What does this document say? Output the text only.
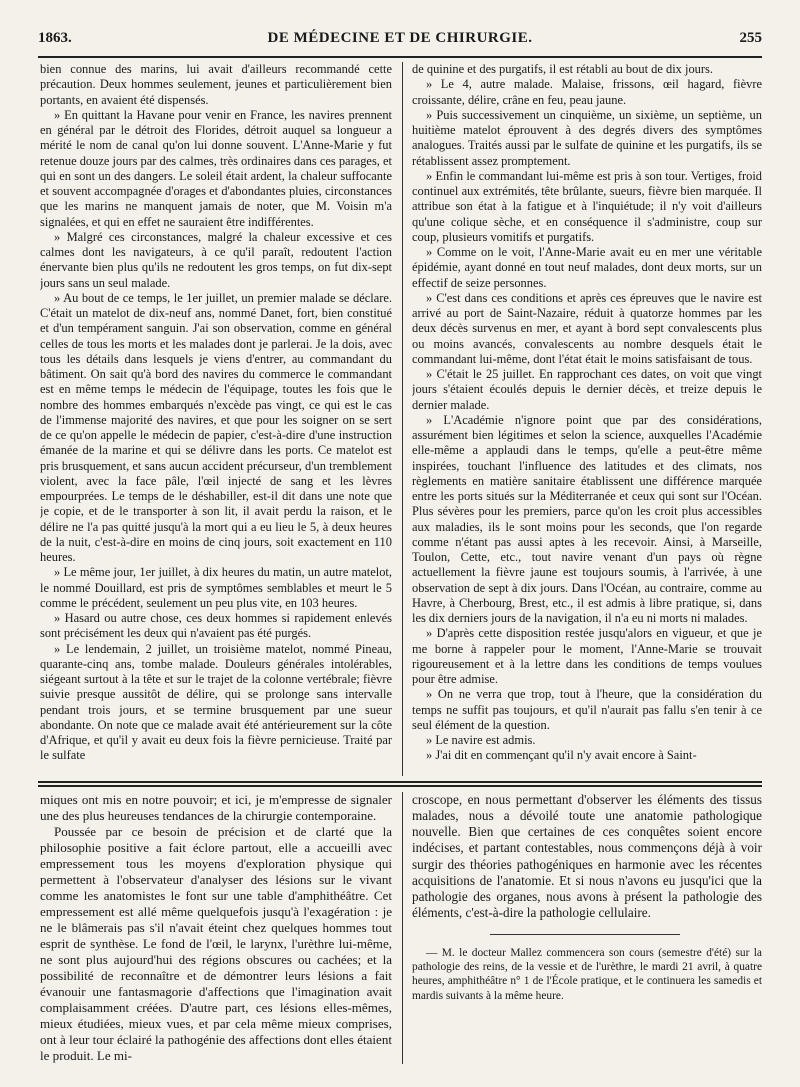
1863.	DE MÉDECINE ET DE CHIRURGIE.	255

bien connue des marins, lui avait d'ailleurs recommandé cette précaution. Deux hommes seulement, jeunes et particulièrement bien portants, en avaient été dispensés.

» En quittant la Havane pour venir en France, les navires prennent en général par le détroit des Florides, détroit auquel sa longueur a mérité le nom de canal qu'on lui donne souvent. L'Anne-Marie y fut retenue douze jours par des calmes, très ordinaires dans ces parages, et qui en sont un des dangers. Le soleil était ardent, la chaleur suffocante et souvent accompagnée d'orages et d'abondantes pluies, circonstances que les marins ne manquent jamais de noter, que M. Voisin m'a signalées, et qui en effet ne sauraient être indifférentes.

» Malgré ces circonstances, malgré la chaleur excessive et ces calmes dont les navigateurs, à ce qu'il paraît, redoutent l'action énervante bien plus qu'ils ne redoutent les gros temps, on fut dix-sept jours sans un seul malade.

» Au bout de ce temps, le 1er juillet, un premier malade se déclare. C'était un matelot de dix-neuf ans, nommé Danet, fort, bien constitué et d'un tempérament sanguin. J'ai son observation, comme en général celles de tous les morts et les malades dont je parlerai. Je la dois, avec tous les détails dans lesquels je viens d'entrer, au commandant du bâtiment. On sait qu'à bord des navires du commerce le commandant est en même temps le médecin de l'équipage, toutes les fois que le nombre des hommes embarqués n'excède pas vingt, ce qui est le cas de l'immense majorité des navires, et que pour les soigner on se sert de ce qu'on appelle le médecin de papier, c'est-à-dire d'une instruction émanée de la marine et qui se délivre dans les ports. Ce matelot est pris brusquement, et sans aucun accident précurseur, d'un tremblement violent, avec la face pâle, l'œil injecté de sang et les lèvres empourprées. Le temps de le déshabiller, est-il dit dans une note que je copie, et de le transporter à son lit, il avait perdu la raison, et le délire ne l'a pas quitté jusqu'à la mort qui a eu lieu le 5, à deux heures de la nuit, c'est-à-dire en moins de cinq jours, soit exactement en 110 heures.

» Le même jour, 1er juillet, à dix heures du matin, un autre matelot, le nommé Douillard, est pris de symptômes semblables et meurt le 5 comme le précédent, seulement un peu plus vite, en 103 heures.

» Hasard ou autre chose, ces deux hommes si rapidement enlevés sont précisément les deux qui n'avaient pas été purgés.

» Le lendemain, 2 juillet, un troisième matelot, nommé Pineau, quarante-cinq ans, tombe malade. Douleurs générales intolérables, siégeant surtout à la tête et sur le trajet de la colonne vertébrale; fièvre suivie presque aussitôt de délire, qui se prolonge sans intervalle pendant trois jours, et se termine brusquement par une sueur abondante. On note que ce malade avait été antérieurement sur la côte d'Afrique, et qu'il y avait eu deux fois la fièvre pernicieuse. Traité par le sulfate

de quinine et des purgatifs, il est rétabli au bout de dix jours.

» Le 4, autre malade. Malaise, frissons, œil hagard, fièvre croissante, délire, crâne en feu, peau jaune.

» Puis successivement un cinquième, un sixième, un septième, un huitième matelot éprouvent à des degrés divers des symptômes analogues. Traités aussi par le sulfate de quinine et les purgatifs, ils se rétablissent assez promptement.

» Enfin le commandant lui-même est pris à son tour. Vertiges, froid continuel aux extrémités, tête brûlante, sueurs, fièvre bien marquée. Il attribue son état à la fatigue et à l'inquiétude; il n'y voit d'ailleurs qu'une colique sèche, et en conséquence il s'administre, coup sur coup, plusieurs vomitifs et purgatifs.

» Comme on le voit, l'Anne-Marie avait eu en mer une véritable épidémie, ayant donné en tout neuf malades, dont deux morts, sur un effectif de seize personnes.

» C'est dans ces conditions et après ces épreuves que le navire est arrivé au port de Saint-Nazaire, réduit à quatorze hommes par les deux décès survenus en mer, et ayant à bord sept convalescents plus ou moins avancés, convalescents au nombre desquels était le commandant lui-même, dont l'état était le moins satisfaisant de tous.

» C'était le 25 juillet. En rapprochant ces dates, on voit que vingt jours s'étaient écoulés depuis le dernier décès, et treize depuis le dernier malade.

» L'Académie n'ignore point que par des considérations, assurément bien légitimes et selon la science, auxquelles l'Académie elle-même a applaudi dans le temps, qu'elle a peut-être même inspirées, touchant l'influence des latitudes et des climats, nos règlements en matière sanitaire établissent une différence marquée entre les ports situés sur la Méditerranée et ceux qui sont sur l'Océan. Plus sévères pour les premiers, parce qu'on les croit plus accessibles aux maladies, ils le sont moins pour les seconds, que l'on regarde comme n'étant pas aussi aptes à les recevoir. Ainsi, à Marseille, Toulon, Cette, etc., tout navire venant d'un pays où règne actuellement la fièvre jaune est toujours soumis, à l'arrivée, à une observation de sept à dix jours. Dans l'Océan, au contraire, comme au Havre, à Cherbourg, Brest, etc., il est admis à libre pratique, si, dans les dix derniers jours de la navigation, il n'a eu ni morts ni malades.

» D'après cette disposition restée jusqu'alors en vigueur, et que je me borne à rappeler pour le moment, l'Anne-Marie se trouvait rigoureusement et à la lettre dans les conditions de temps voulues pour être admise.

» On ne verra que trop, tout à l'heure, que la considération du temps ne suffit pas toujours, et qu'il n'aurait pas fallu s'en tenir à ce seul élément de la question.

» Le navire est admis.

» J'ai dit en commençant qu'il n'y avait encore à Saint-

miques ont mis en notre pouvoir; et ici, je m'empresse de signaler une des plus heureuses tendances de la chirurgie contemporaine.

Poussée par ce besoin de précision et de clarté que la philosophie positive a fait éclore partout, elle a accueilli avec empressement tous les moyens d'exploration physique qui permettent à l'observateur d'analyser des lésions sur le vivant comme les anatomistes le font sur une table d'amphithéâtre. Cet empressement est allé même quelquefois jusqu'à l'exagération : je ne le blâmerais pas s'il n'avait éteint chez quelques hommes tout esprit de synthèse. Le fond de l'œil, le larynx, l'urèthre lui-même, ne sont plus aujourd'hui des régions obscures ou cachées; et la possibilité de reconnaître et de démontrer leurs lésions a fait évanouir une fantasmagorie d'affections que l'imagination avait complaisamment créées. D'autre part, ces lésions elles-mêmes, mieux étudiées, mieux vues, et par cela même mieux comprises, ont à leur tour éclairé la pathogénie des affections dont elles étaient le produit. Le mi-

croscope, en nous permettant d'observer les éléments des tissus malades, nous a dévoilé toute une anatomie pathologique nouvelle. Bien que certaines de ces conquêtes soient encore indécises, et partant contestables, nous commençons déjà à voir surgir des théories pathogéniques en harmonie avec les récentes acquisitions de l'anatomie. Et si nous n'avons eu jusqu'ici que la pathologie des organes, nous avons à présent la pathologie des éléments, c'est-à-dire la pathologie cellulaire.

— M. le docteur Mallez commencera son cours (semestre d'été) sur la pathologie des reins, de la vessie et de l'urèthre, le mardi 21 avril, à quatre heures, amphithéâtre n° 1 de l'École pratique, et le continuera les samedis et mardis suivants à la même heure.
